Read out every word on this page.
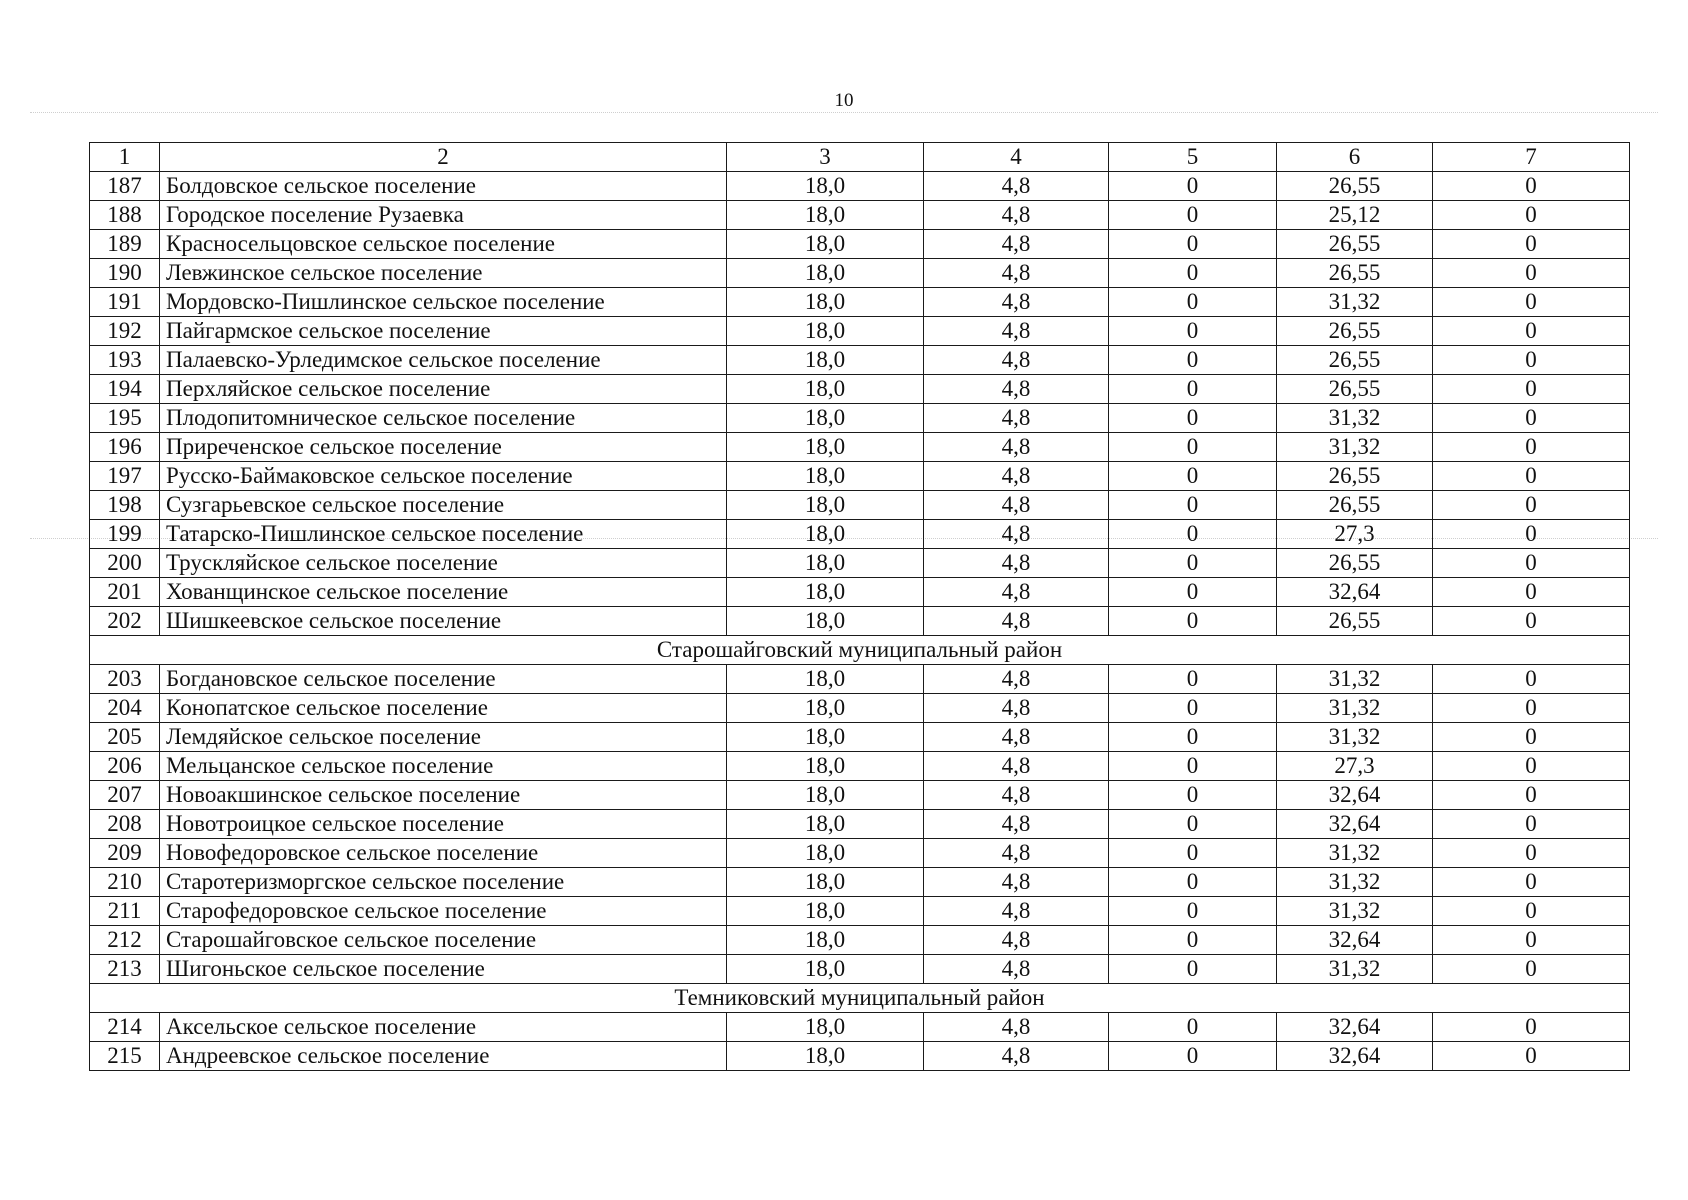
10
1	2	3	4	5	6	7
187	Болдовское сельское поселение	18,0	4,8	0	26,55	0
188	Городское поселение Рузаевка	18,0	4,8	0	25,12	0
189	Красносельцовское сельское поселение	18,0	4,8	0	26,55	0
190	Левжинское сельское поселение	18,0	4,8	0	26,55	0
191	Мордовско-Пишлинское сельское поселение	18,0	4,8	0	31,32	0
192	Пайгармское сельское поселение	18,0	4,8	0	26,55	0
193	Палаевско-Урледимское сельское поселение	18,0	4,8	0	26,55	0
194	Перхляйское сельское поселение	18,0	4,8	0	26,55	0
195	Плодопитомническое сельское поселение	18,0	4,8	0	31,32	0
196	Приреченское сельское поселение	18,0	4,8	0	31,32	0
197	Русско-Баймаковское сельское поселение	18,0	4,8	0	26,55	0
198	Сузгарьевское сельское поселение	18,0	4,8	0	26,55	0
199	Татарско-Пишлинское сельское поселение	18,0	4,8	0	27,3	0
200	Трускляйское сельское поселение	18,0	4,8	0	26,55	0
201	Хованщинское сельское поселение	18,0	4,8	0	32,64	0
202	Шишкеевское сельское поселение	18,0	4,8	0	26,55	0
Старошайговский муниципальный район						
203	Богдановское сельское поселение	18,0	4,8	0	31,32	0
204	Конопатское сельское поселение	18,0	4,8	0	31,32	0
205	Лемдяйское сельское поселение	18,0	4,8	0	31,32	0
206	Мельцанское сельское поселение	18,0	4,8	0	27,3	0
207	Новоакшинское сельское поселение	18,0	4,8	0	32,64	0
208	Новотроицкое сельское поселение	18,0	4,8	0	32,64	0
209	Новофедоровское сельское поселение	18,0	4,8	0	31,32	0
210	Старотеризморгское сельское поселение	18,0	4,8	0	31,32	0
211	Старофедоровское сельское поселение	18,0	4,8	0	31,32	0
212	Старошайговское сельское поселение	18,0	4,8	0	32,64	0
213	Шигоньское сельское поселение	18,0	4,8	0	31,32	0
Темниковский муниципальный район						
214	Аксельское сельское поселение	18,0	4,8	0	32,64	0
215	Андреевское сельское поселение	18,0	4,8	0	32,64	0
